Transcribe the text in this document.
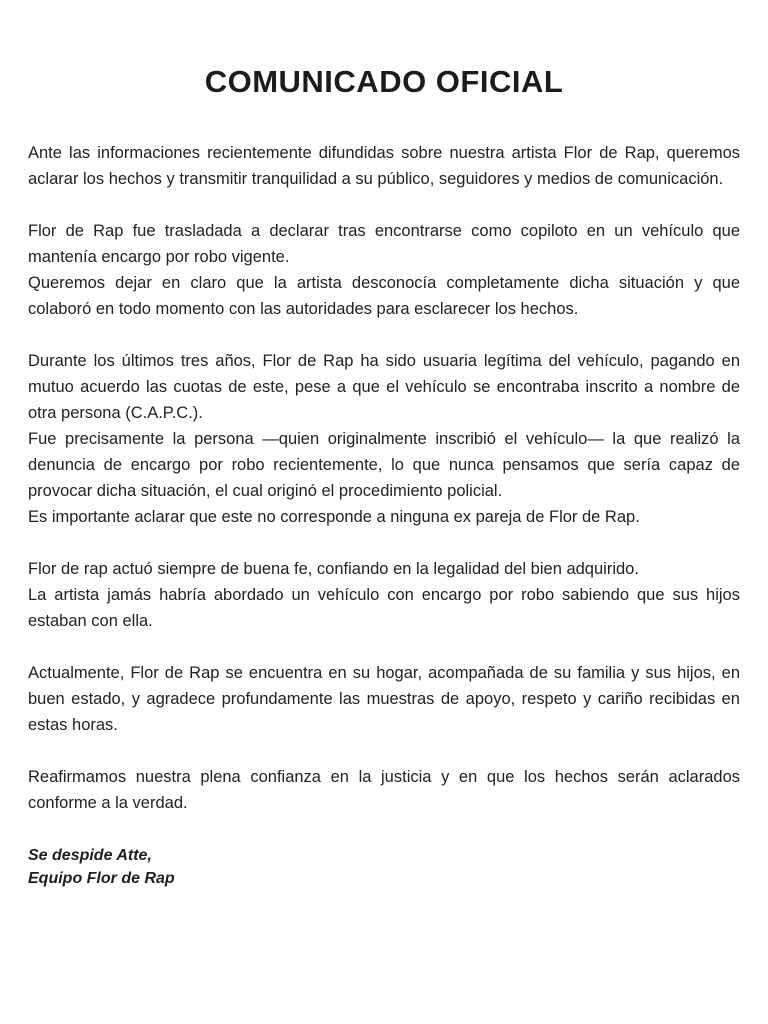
COMUNICADO OFICIAL

Ante las informaciones recientemente difundidas sobre nuestra artista Flor de Rap, queremos aclarar los hechos y transmitir tranquilidad a su público, seguidores y medios de comunicación.

Flor de Rap fue trasladada a declarar tras encontrarse como copiloto en un vehículo que mantenía encargo por robo vigente.

Queremos dejar en claro que la artista desconocía completamente dicha situación y que colaboró en todo momento con las autoridades para esclarecer los hechos.

Durante los últimos tres años, Flor de Rap ha sido usuaria legítima del vehículo, pagando en mutuo acuerdo las cuotas de este, pese a que el vehículo se encontraba inscrito a nombre de otra persona (C.A.P.C.).

Fue precisamente la persona —quien originalmente inscribió el vehículo— la que realizó la denuncia de encargo por robo recientemente, lo que nunca pensamos que sería capaz de provocar dicha situación, el cual originó el procedimiento policial.

Es importante aclarar que este no corresponde a ninguna ex pareja de Flor de Rap.

Flor de rap actuó siempre de buena fe, confiando en la legalidad del bien adquirido.

La artista jamás habría abordado un vehículo con encargo por robo sabiendo que sus hijos estaban con ella.

Actualmente, Flor de Rap se encuentra en su hogar, acompañada de su familia y sus hijos, en buen estado, y agradece profundamente las muestras de apoyo, respeto y cariño recibidas en estas horas.

Reafirmamos nuestra plena confianza en la justicia y en que los hechos serán aclarados conforme a la verdad.

Se despide Atte,
Equipo Flor de Rap
